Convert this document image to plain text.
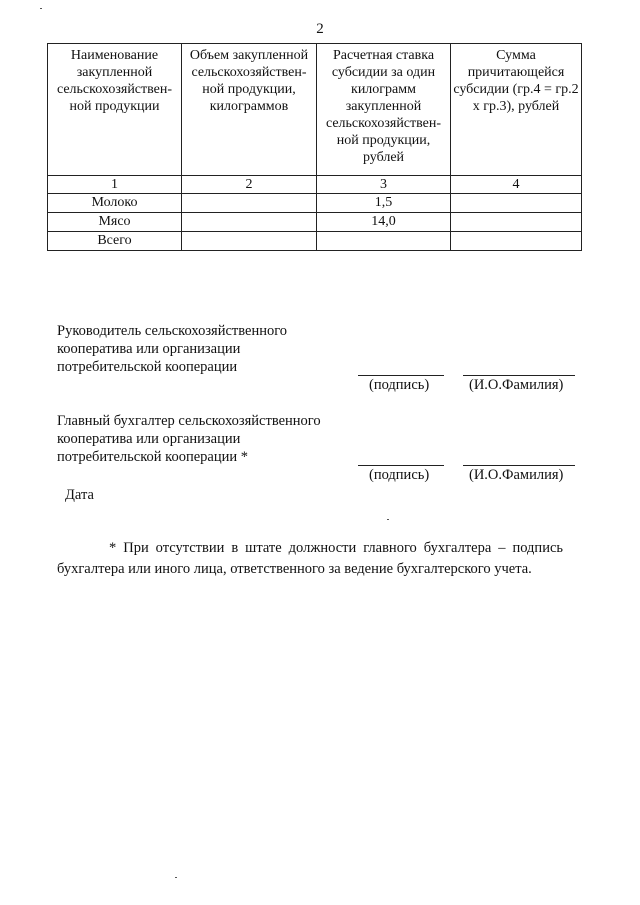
2
Наименование закупленной сельскохозяйствен-ной продукции	Объем закупленной сельскохозяйствен-ной продукции, килограммов	Расчетная ставка субсидии за один килограмм закупленной сельскохозяйствен-ной продукции, рублей	Сумма причитающейся субсидии (гр.4 = гр.2 х гр.3), рублей
1	2	3	4
Молоко		1,5	
Мясо		14,0	
Всего			
Руководитель сельскохозяйственного
кооператива или организации
потребительской кооперации
(подпись)	(И.О.Фамилия)
Главный бухгалтер сельскохозяйственного
кооператива или организации
потребительской кооперации *
(подпись)	(И.О.Фамилия)
Дата
* При отсутствии в штате должности главного бухгалтера – подпись бухгалтера или иного лица, ответственного за ведение бухгалтерского учета.
